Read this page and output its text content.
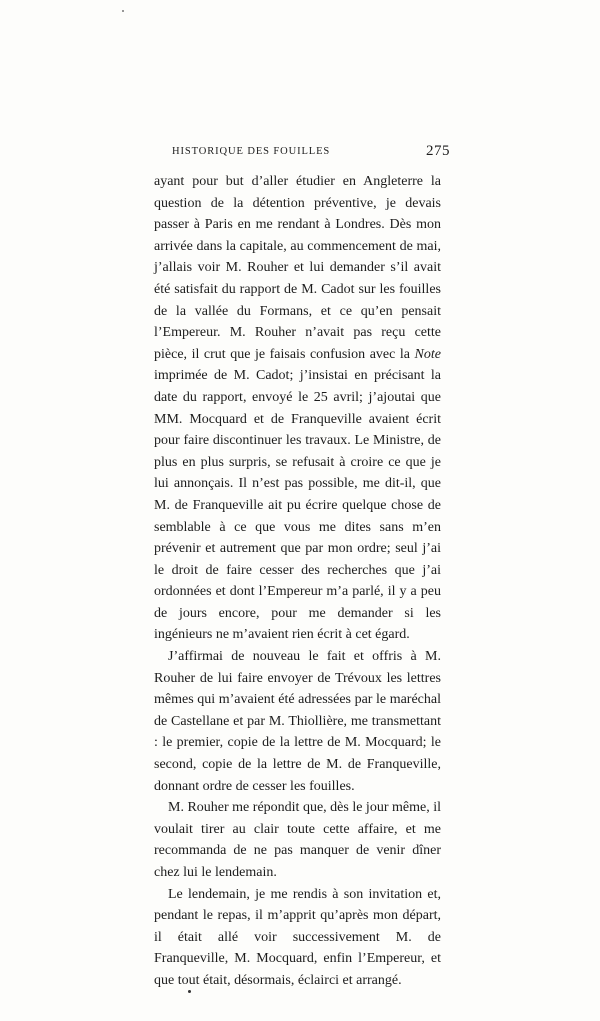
HISTORIQUE DES FOUILLES	275

ayant pour but d’aller étudier en Angleterre la question de la détention préventive, je devais passer à Paris en me rendant à Londres. Dès mon arrivée dans la capitale, au commencement de mai, j’allais voir M. Rouher et lui demander s’il avait été satisfait du rapport de M. Cadot sur les fouilles de la vallée du Formans, et ce qu’en pensait l’Empereur. M. Rouher n’avait pas reçu cette pièce, il crut que je faisais confusion avec la Note imprimée de M. Cadot; j’insistai en précisant la date du rapport, envoyé le 25 avril; j’ajoutai que MM. Mocquard et de Franqueville avaient écrit pour faire discontinuer les travaux. Le Ministre, de plus en plus surpris, se refusait à croire ce que je lui annonçais. Il n’est pas possible, me dit-il, que M. de Franqueville ait pu écrire quelque chose de semblable à ce que vous me dites sans m’en prévenir et autrement que par mon ordre; seul j’ai le droit de faire cesser des recherches que j’ai ordonnées et dont l’Empereur m’a parlé, il y a peu de jours encore, pour me demander si les ingénieurs ne m’avaient rien écrit à cet égard.

J’affirmai de nouveau le fait et offris à M. Rouher de lui faire envoyer de Trévoux les lettres mêmes qui m’avaient été adressées par le maréchal de Castellane et par M. Thiollière, me transmettant : le premier, copie de la lettre de M. Mocquard; le second, copie de la lettre de M. de Franqueville, donnant ordre de cesser les fouilles.

M. Rouher me répondit que, dès le jour même, il voulait tirer au clair toute cette affaire, et me recommanda de ne pas manquer de venir dîner chez lui le lendemain.

Le lendemain, je me rendis à son invitation et, pendant le repas, il m’apprit qu’après mon départ, il était allé voir successivement M. de Franqueville, M. Mocquard, enfin l’Empereur, et que tout était, désormais, éclairci et arrangé.
